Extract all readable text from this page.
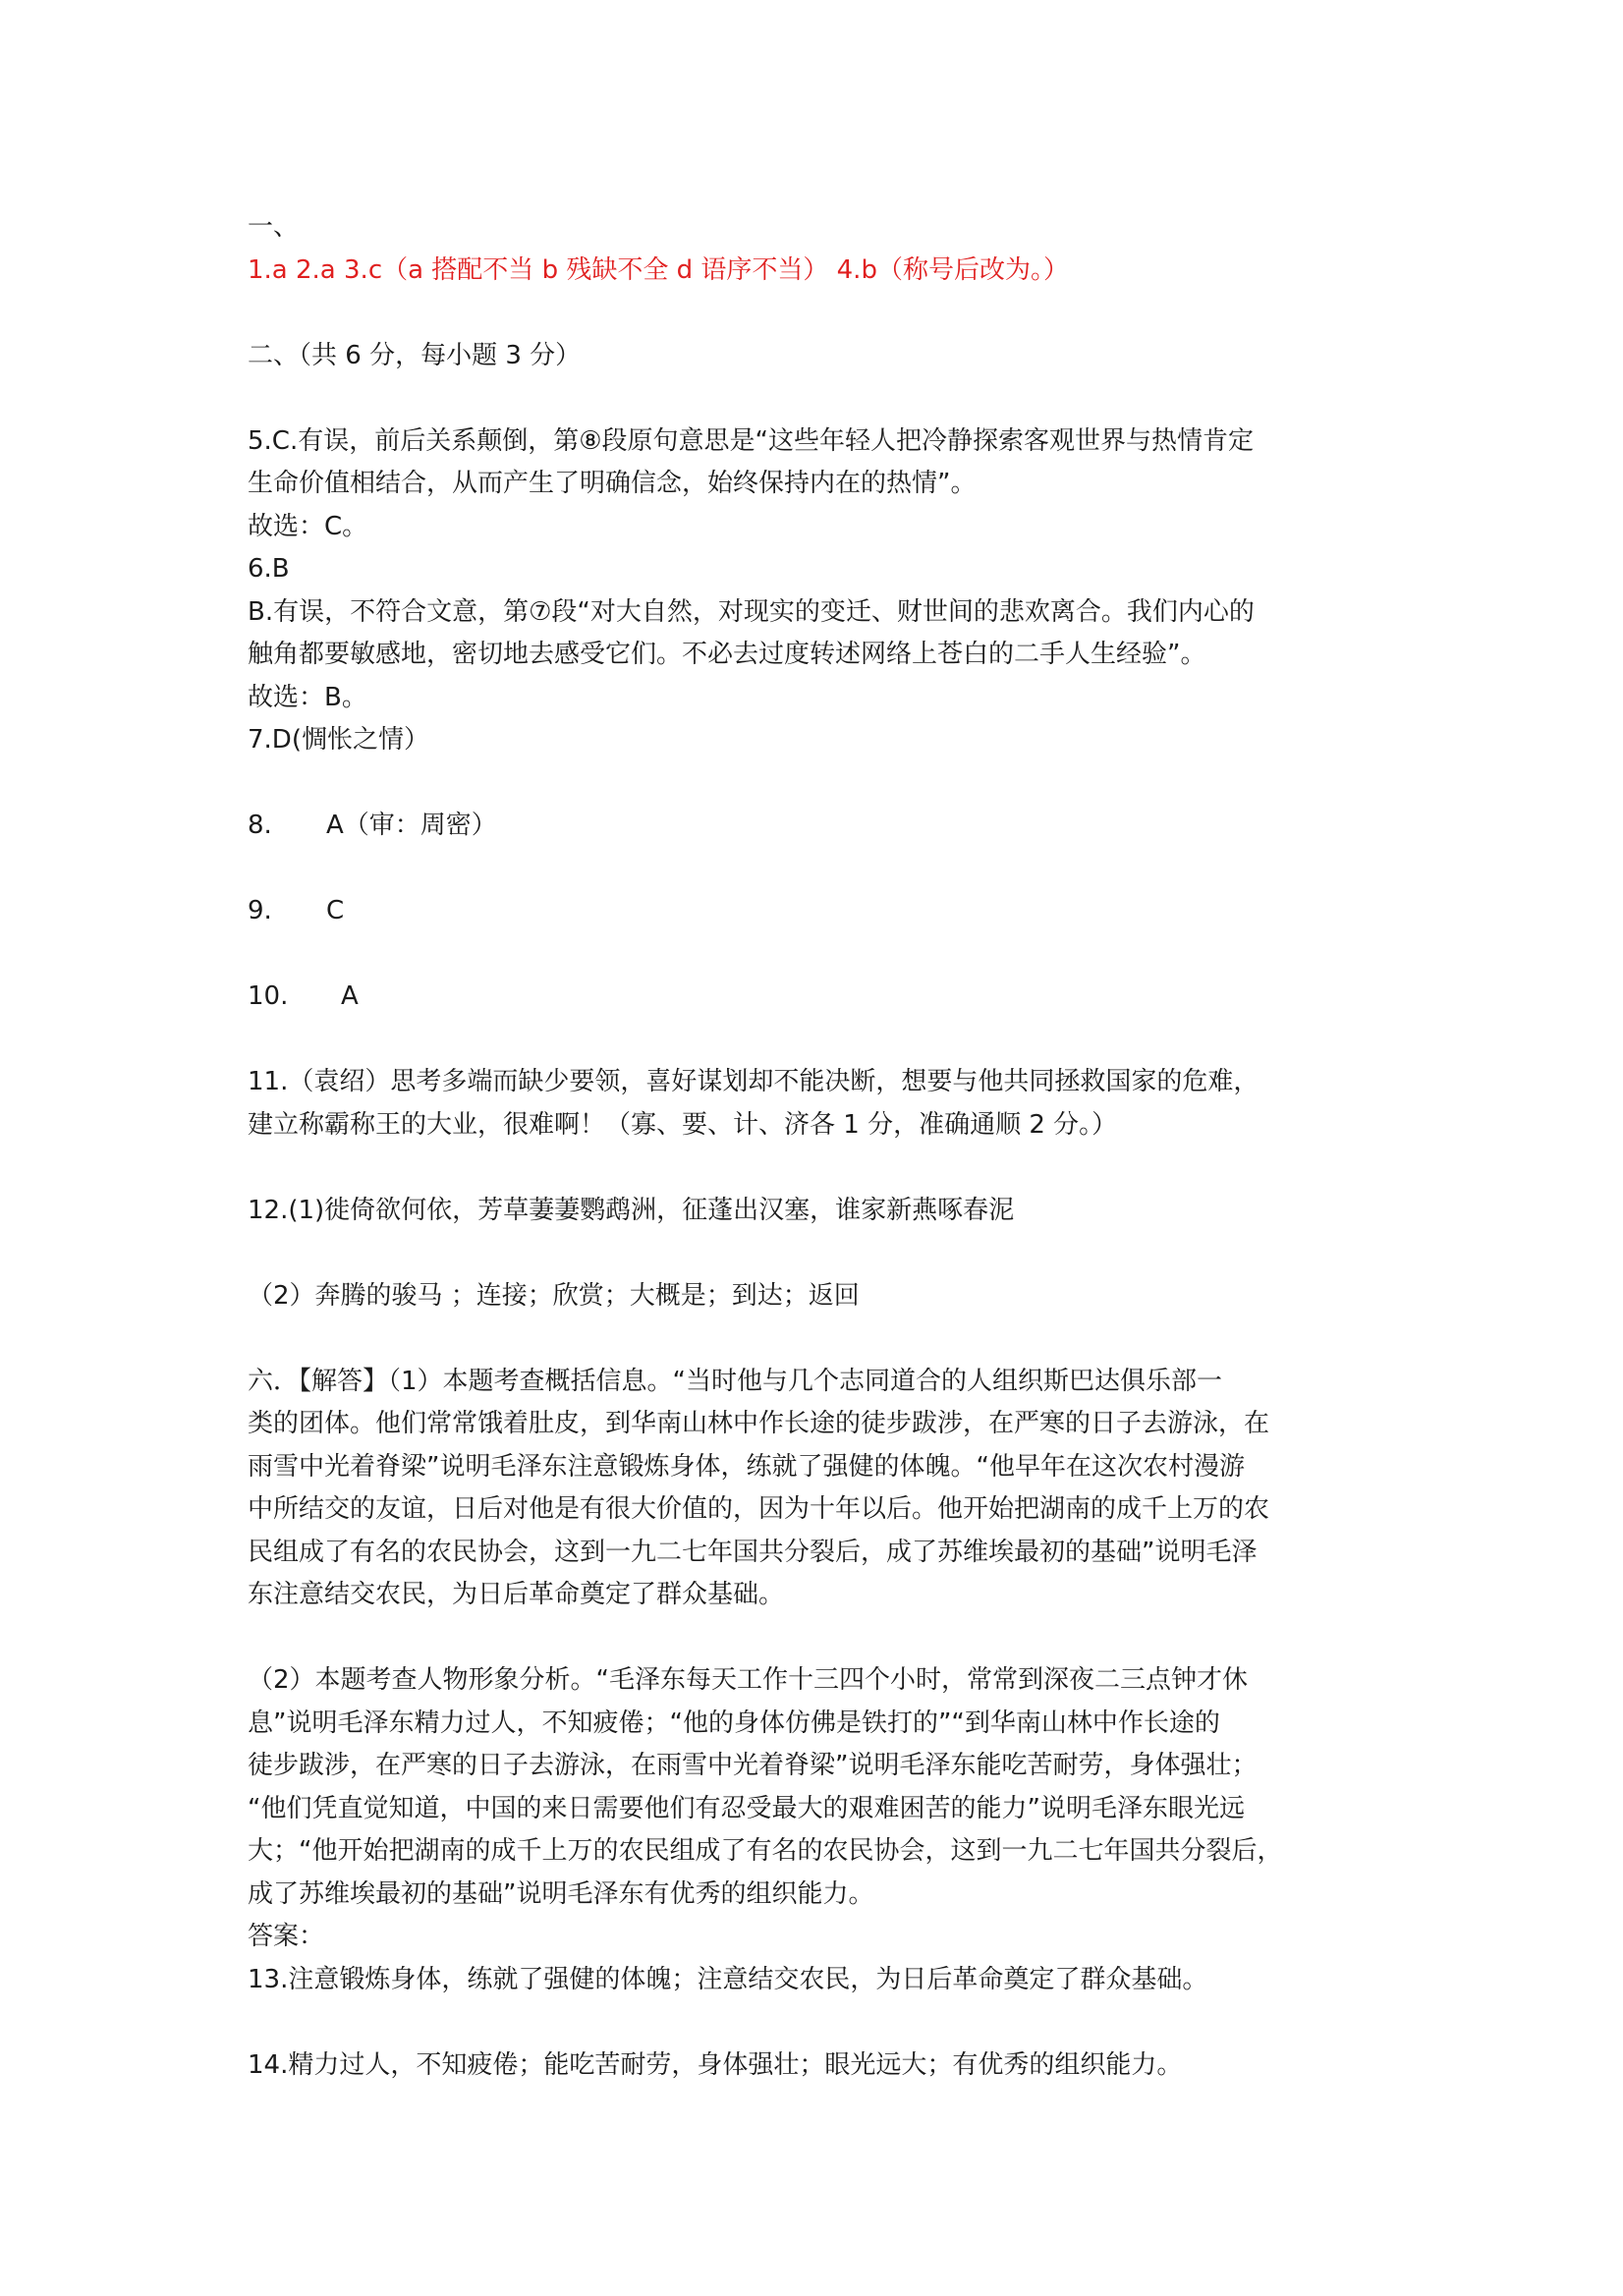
一、
1.a 2.a 3.c（a 搭配不当 b 残缺不全 d 语序不当） 4.b（称号后改为。）
二、（共 6 分，每小题 3 分）
5.C.有误，前后关系颠倒，第⑧段原句意思是“这些年轻人把冷静探索客观世界与热情肯定
生命价值相结合，从而产生了明确信念，始终保持内在的热情”。
故选：C。
6.B
B.有误，不符合文意，第⑦段“对大自然，对现实的变迁、财世间的悲欢离合。我们内心的
触角都要敏感地，密切地去感受它们。不必去过度转述网络上苍白的二手人生经验”。
故选：B。
7.D(惆怅之情）
8. A（审：周密）
9. C
10. A
11.（袁绍）思考多端而缺少要领，喜好谋划却不能决断，想要与他共同拯救国家的危难，
建立称霸称王的大业，很难啊！（寡、要、计、济各 1 分，准确通顺 2 分。）
12.(1)徙倚欲何依，芳草萋萋鹦鹉洲，征蓬出汉塞，谁家新燕啄春泥
（2）奔腾的骏马 ；连接；欣赏；大概是；到达；返回
六．【解答】（1）本题考查概括信息。“当时他与几个志同道合的人组织斯巴达俱乐部一
类的团体。他们常常饿着肚皮，到华南山林中作长途的徒步跋涉，在严寒的日子去游泳，在
雨雪中光着脊梁”说明毛泽东注意锻炼身体，练就了强健的体魄。“他早年在这次农村漫游
中所结交的友谊，日后对他是有很大价值的，因为十年以后。他开始把湖南的成千上万的农
民组成了有名的农民协会，这到一九二七年国共分裂后，成了苏维埃最初的基础”说明毛泽
东注意结交农民，为日后革命奠定了群众基础。
（2）本题考查人物形象分析。“毛泽东每天工作十三四个小时，常常到深夜二三点钟才休
息”说明毛泽东精力过人，不知疲倦；“他的身体仿佛是铁打的”“到华南山林中作长途的
徒步跋涉，在严寒的日子去游泳，在雨雪中光着脊梁”说明毛泽东能吃苦耐劳，身体强壮；
“他们凭直觉知道，中国的来日需要他们有忍受最大的艰难困苦的能力”说明毛泽东眼光远
大；“他开始把湖南的成千上万的农民组成了有名的农民协会，这到一九二七年国共分裂后，
成了苏维埃最初的基础”说明毛泽东有优秀的组织能力。
答案：
13.注意锻炼身体，练就了强健的体魄；注意结交农民，为日后革命奠定了群众基础。
14.精力过人，不知疲倦；能吃苦耐劳，身体强壮；眼光远大；有优秀的组织能力。
